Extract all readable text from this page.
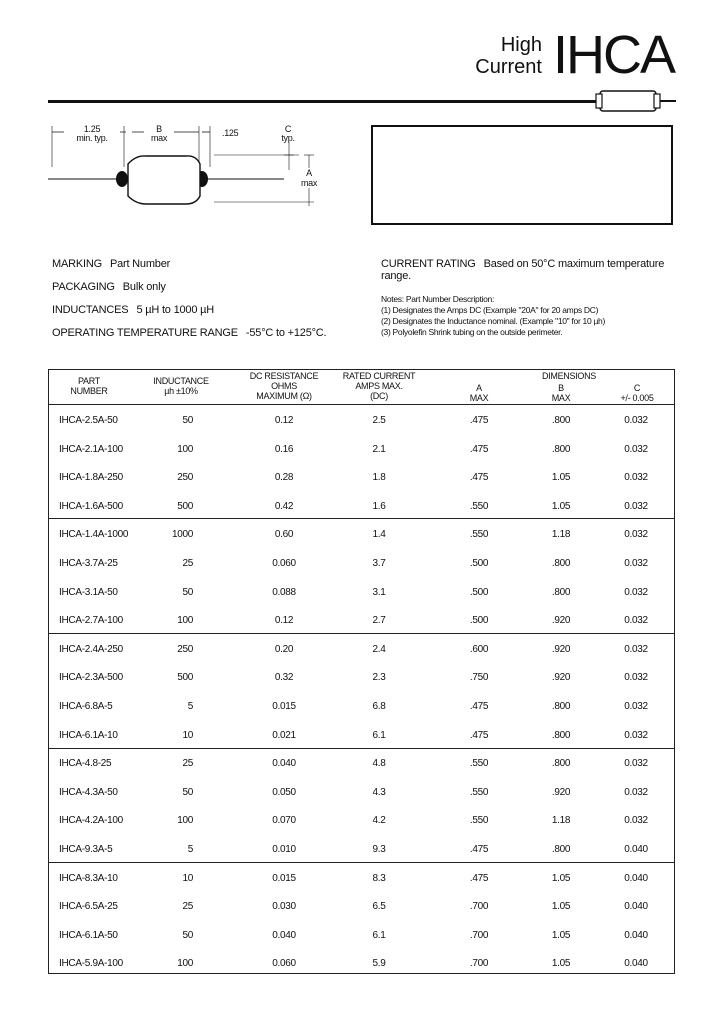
High
Current IHCA
1.25
min. typ.
B
max	.125	C
typ.
A
max
MARKING Part Number
PACKAGING Bulk only
INDUCTANCES 5 µH to 1000 µH
OPERATING TEMPERATURE RANGE -55°C to +125°C.
CURRENT RATING Based on 50°C maximum temperature range.
Notes: Part Number Description:
(1) Designates the Amps DC (Example "20A" for 20 amps DC)
(2) Designates the Inductance nominal. (Example "10" for 10 µh)
(3) Polyolefin Shrink tubing on the outside perimeter.
PART
NUMBER
INDUCTANCE
µh ±10%
DC RESISTANCE
OHMS
MAXIMUM (Ω)
RATED CURRENT
AMPS MAX.
(DC)
DIMENSIONS
A
MAX
B
MAX
C
+/- 0.005
IHCA-2.5A-50	50	0.12	2.5	.475	.800	0.032
IHCA-2.1A-100	100	0.16	2.1	.475	.800	0.032
IHCA-1.8A-250	250	0.28	1.8	.475	1.05	0.032
IHCA-1.6A-500	500	0.42	1.6	.550	1.05	0.032
IHCA-1.4A-1000	1000	0.60	1.4	.550	1.18	0.032
IHCA-3.7A-25	25	0.060	3.7	.500	.800	0.032
IHCA-3.1A-50	50	0.088	3.1	.500	.800	0.032
IHCA-2.7A-100	100	0.12	2.7	.500	.920	0.032
IHCA-2.4A-250	250	0.20	2.4	.600	.920	0.032
IHCA-2.3A-500	500	0.32	2.3	.750	.920	0.032
IHCA-6.8A-5	5	0.015	6.8	.475	.800	0.032
IHCA-6.1A-10	10	0.021	6.1	.475	.800	0.032
IHCA-4.8-25	25	0.040	4.8	.550	.800	0.032
IHCA-4.3A-50	50	0.050	4.3	.550	.920	0.032
IHCA-4.2A-100	100	0.070	4.2	.550	1.18	0.032
IHCA-9.3A-5	5	0.010	9.3	.475	.800	0.040
IHCA-8.3A-10	10	0.015	8.3	.475	1.05	0.040
IHCA-6.5A-25	25	0.030	6.5	.700	1.05	0.040
IHCA-6.1A-50	50	0.040	6.1	.700	1.05	0.040
IHCA-5.9A-100	100	0.060	5.9	.700	1.05	0.040
